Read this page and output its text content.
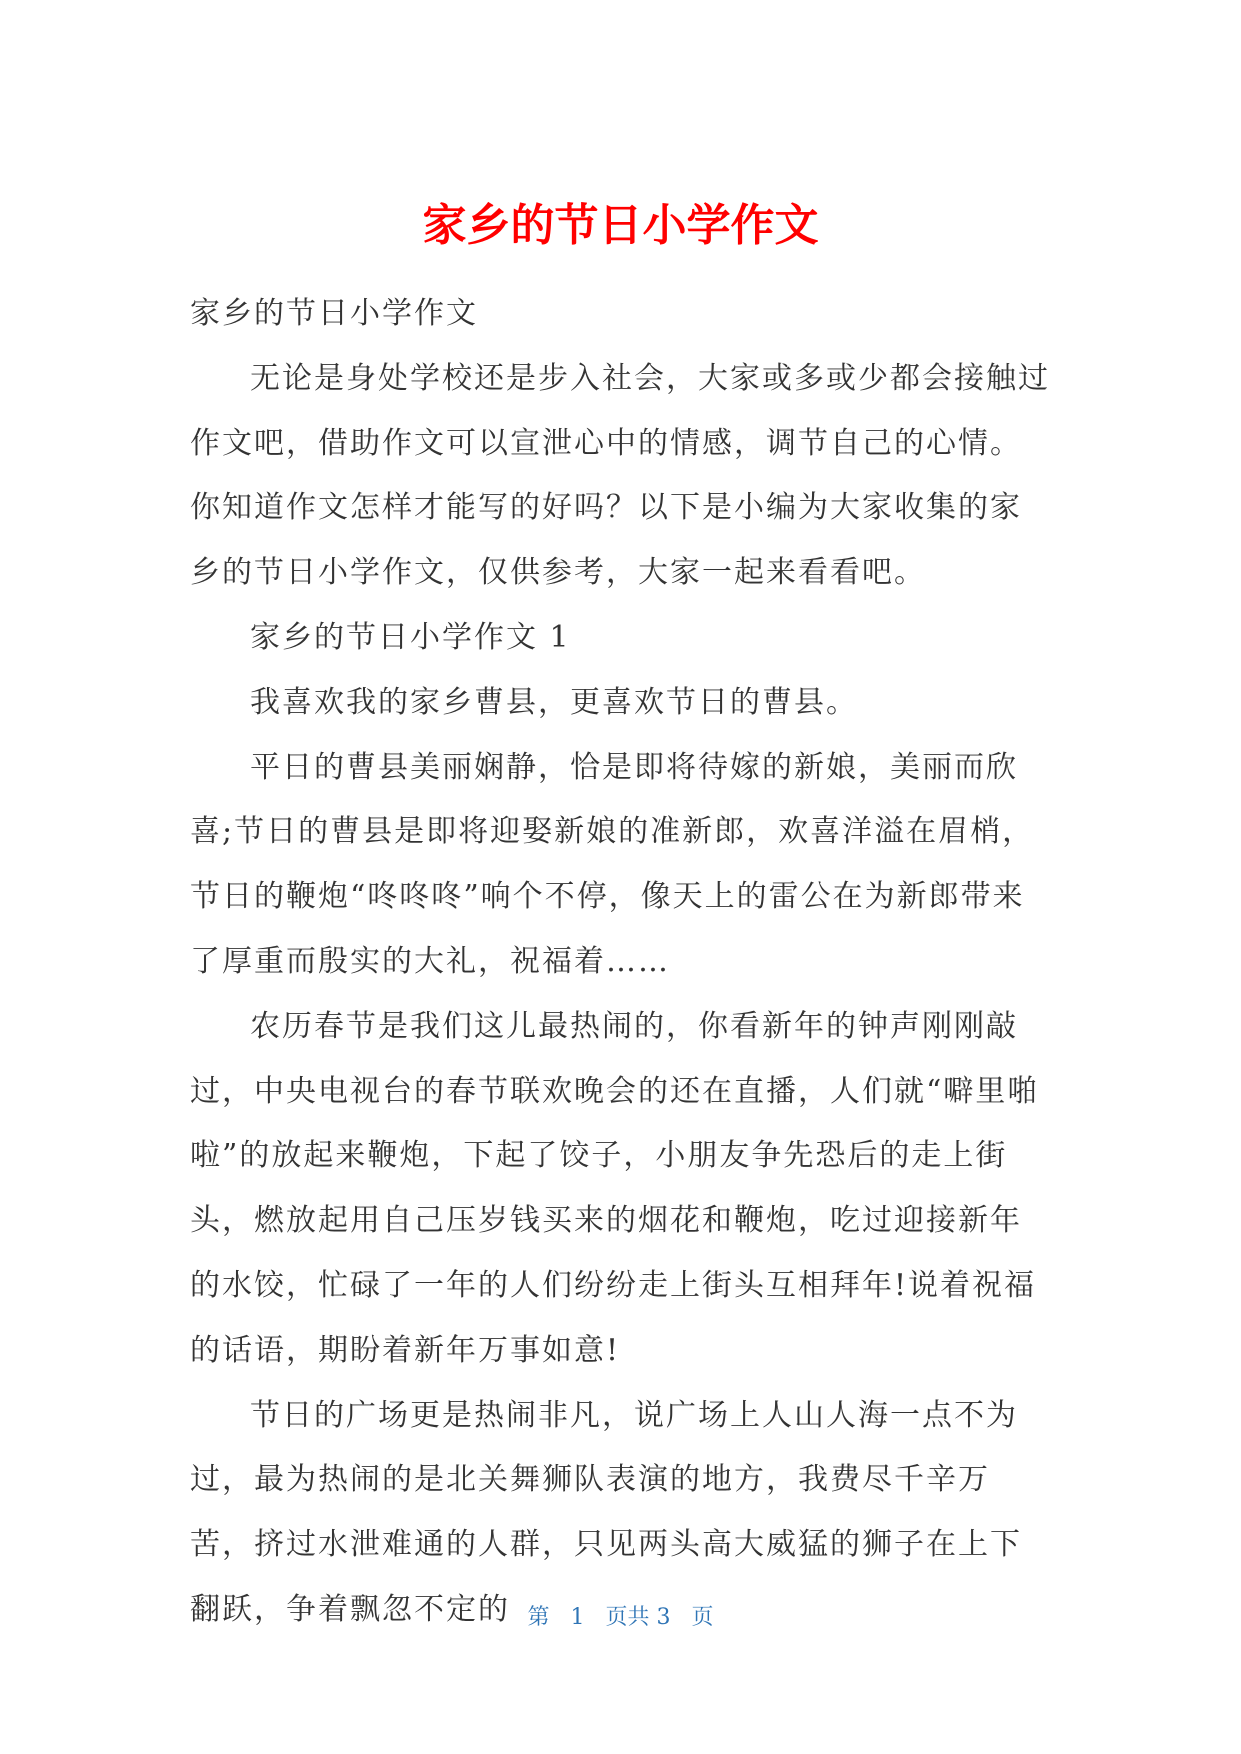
家乡的节日小学作文

家乡的节日小学作文

无论是身处学校还是步入社会，大家或多或少都会接触过作文吧，借助作文可以宣泄心中的情感，调节自己的心情。你知道作文怎样才能写的好吗？以下是小编为大家收集的家乡的节日小学作文，仅供参考，大家一起来看看吧。

家乡的节日小学作文 1

我喜欢我的家乡曹县，更喜欢节日的曹县。

平日的曹县美丽娴静，恰是即将待嫁的新娘，美丽而欣喜;节日的曹县是即将迎娶新娘的准新郎，欢喜洋溢在眉梢，节日的鞭炮“咚咚咚”响个不停，像天上的雷公在为新郎带来了厚重而殷实的大礼，祝福着……

农历春节是我们这儿最热闹的，你看新年的钟声刚刚敲过，中央电视台的春节联欢晚会的还在直播，人们就“噼里啪啦”的放起来鞭炮，下起了饺子，小朋友争先恐后的走上街头，燃放起用自己压岁钱买来的烟花和鞭炮，吃过迎接新年的水饺，忙碌了一年的人们纷纷走上街头互相拜年!说着祝福的话语，期盼着新年万事如意!

节日的广场更是热闹非凡，说广场上人山人海一点不为过，最为热闹的是北关舞狮队表演的地方，我费尽千辛万苦，挤过水泄难通的人群，只见两头高大威猛的狮子在上下翻跃，争着飘忽不定的 第 1 页共 3 页
